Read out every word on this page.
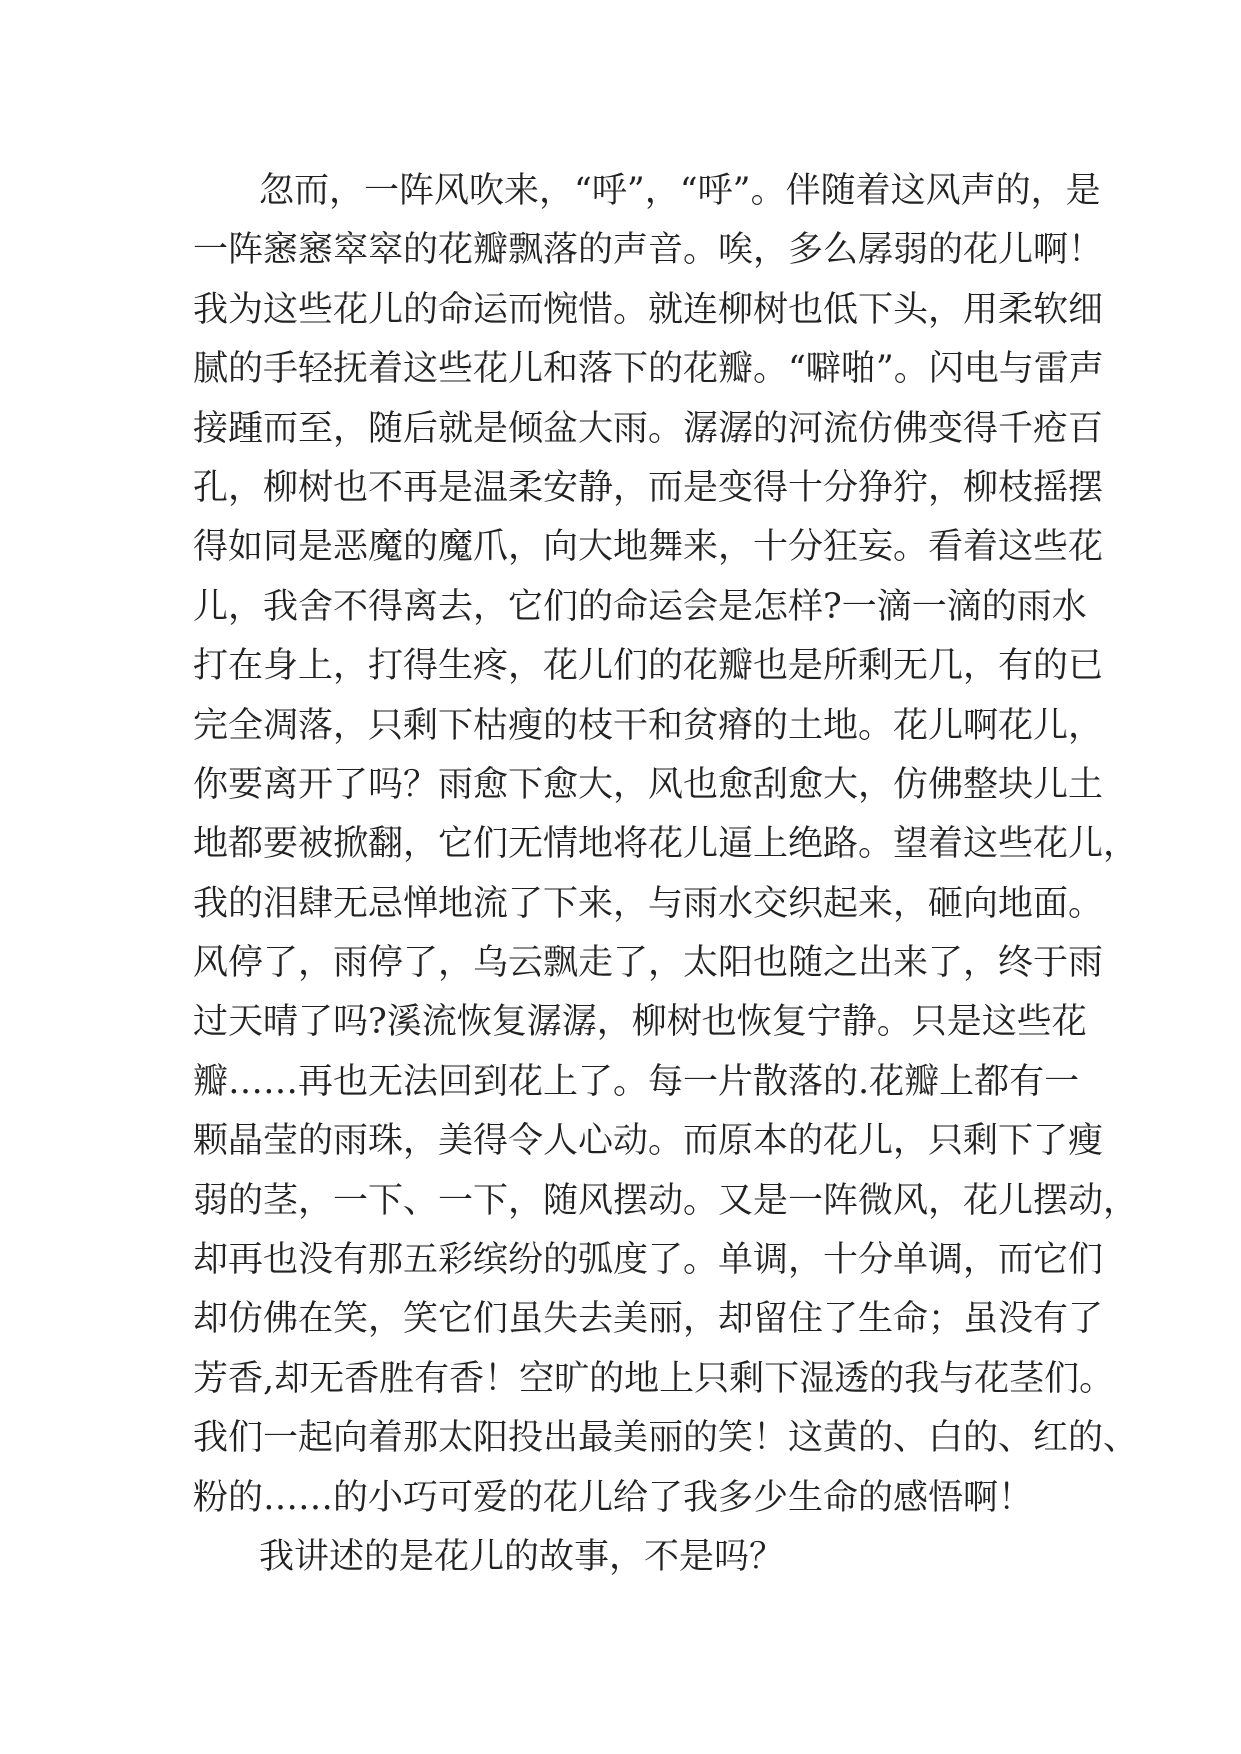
忽而，一阵风吹来，“呼”，“呼”。伴随着这风声的，是
一阵窸窸窣窣的花瓣飘落的声音。唉，多么孱弱的花儿啊！
我为这些花儿的命运而惋惜。就连柳树也低下头，用柔软细
腻的手轻抚着这些花儿和落下的花瓣。“噼啪”。闪电与雷声
接踵而至，随后就是倾盆大雨。潺潺的河流仿佛变得千疮百
孔，柳树也不再是温柔安静，而是变得十分狰狞，柳枝摇摆
得如同是恶魔的魔爪，向大地舞来，十分狂妄。看着这些花
儿，我舍不得离去，它们的命运会是怎样?一滴一滴的雨水
打在身上，打得生疼，花儿们的花瓣也是所剩无几，有的已
完全凋落，只剩下枯瘦的枝干和贫瘠的土地。花儿啊花儿，
你要离开了吗？雨愈下愈大，风也愈刮愈大，仿佛整块儿土
地都要被掀翻，它们无情地将花儿逼上绝路。望着这些花儿，
我的泪肆无忌惮地流了下来，与雨水交织起来，砸向地面。
风停了，雨停了，乌云飘走了，太阳也随之出来了，终于雨
过天晴了吗?溪流恢复潺潺，柳树也恢复宁静。只是这些花
瓣……再也无法回到花上了。每一片散落的.花瓣上都有一
颗晶莹的雨珠，美得令人心动。而原本的花儿，只剩下了瘦
弱的茎，一下、一下，随风摆动。又是一阵微风，花儿摆动，
却再也没有那五彩缤纷的弧度了。单调，十分单调，而它们
却仿佛在笑，笑它们虽失去美丽，却留住了生命；虽没有了
芳香,却无香胜有香！空旷的地上只剩下湿透的我与花茎们。
我们一起向着那太阳投出最美丽的笑！这黄的、白的、红的、
粉的……的小巧可爱的花儿给了我多少生命的感悟啊！
我讲述的是花儿的故事，不是吗？
